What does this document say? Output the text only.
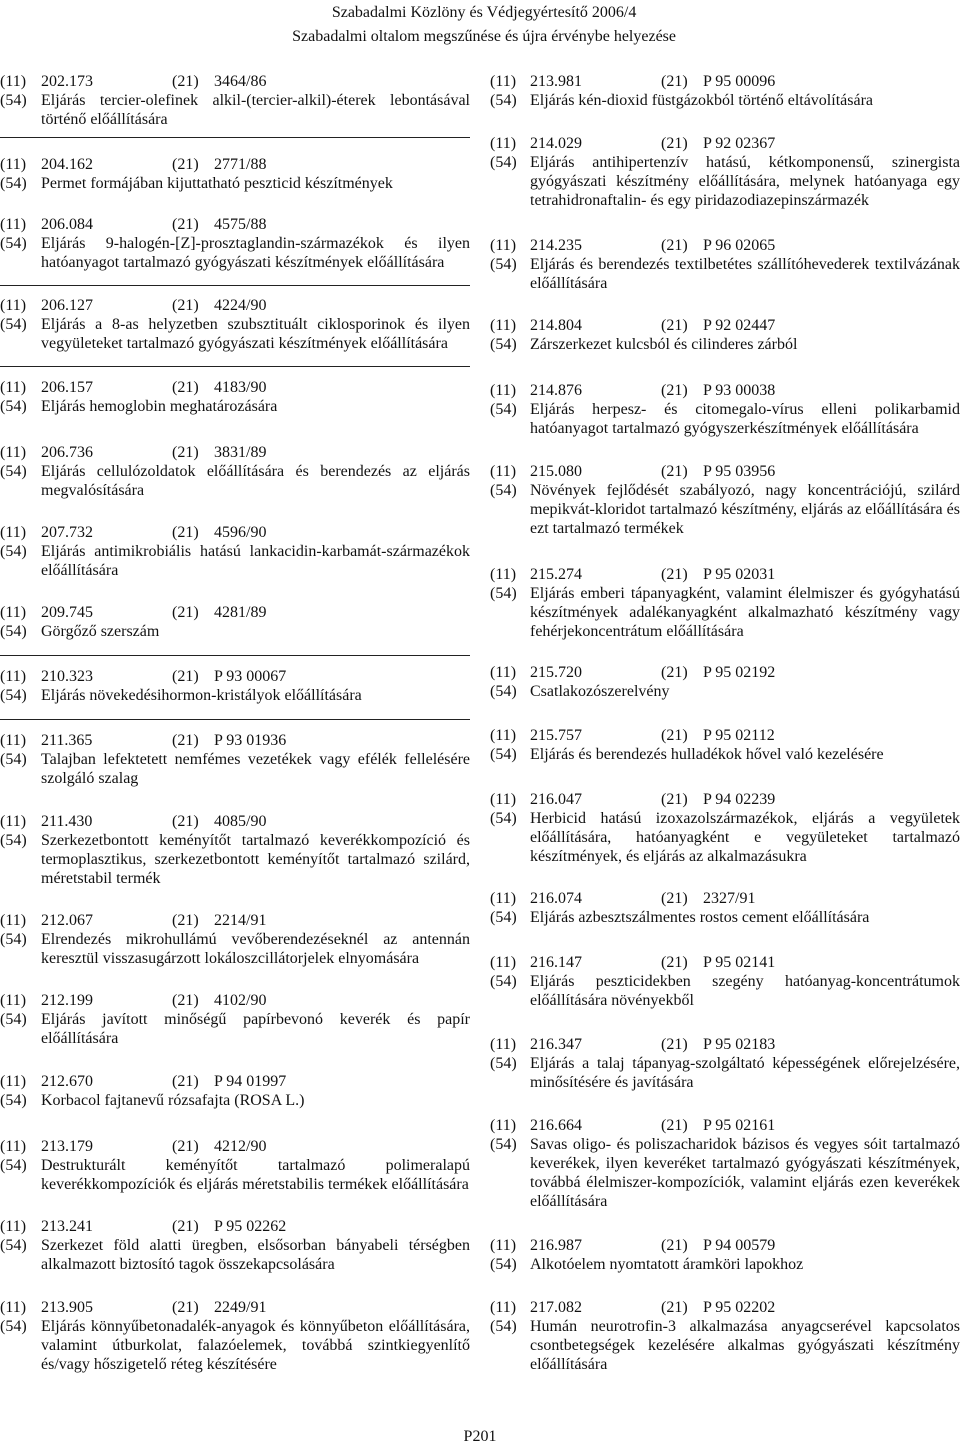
Szabadalmi Közlöny és Védjegyértesítő 2006/4
Szabadalmi oltalom megszűnése és újra érvénybe helyezése
(11) 202.173	(21) 3464/86
(54) Eljárás tercier-olefinek alkil-(tercier-alkil)-éterek lebontásával történő előállítására
(11) 204.162	(21) 2771/88
(54) Permet formájában kijuttatható peszticid készítmények
(11) 206.084	(21) 4575/88
(54) Eljárás 9-halogén-[Z]-prosztaglandin-származékok és ilyen hatóanyagot tartalmazó gyógyászati készítmények előállítására
(11) 206.127	(21) 4224/90
(54) Eljárás a 8-as helyzetben szubsztituált ciklosporinok és ilyen vegyületeket tartalmazó gyógyászati készítmények előállítására
(11) 206.157	(21) 4183/90
(54) Eljárás hemoglobin meghatározására
(11) 206.736	(21) 3831/89
(54) Eljárás cellulózoldatok előállítására és berendezés az eljárás megvalósítására
(11) 207.732	(21) 4596/90
(54) Eljárás antimikrobiális hatású lankacidin-karbamát-származékok előállítására
(11) 209.745	(21) 4281/89
(54) Görgőző szerszám
(11) 210.323	(21) P 93 00067
(54) Eljárás növekedésihormon-kristályok előállítására
(11) 211.365	(21) P 93 01936
(54) Talajban lefektetett nemfémes vezetékek vagy efélék fellelésére szolgáló szalag
(11) 211.430	(21) 4085/90
(54) Szerkezetbontott keményítőt tartalmazó keverékkompozíció és termoplasztikus, szerkezetbontott keményítőt tartalmazó szilárd, méretstabil termék
(11) 212.067	(21) 2214/91
(54) Elrendezés mikrohullámú vevőberendezéseknél az antennán keresztül visszasugárzott lokáloszcillátorjelek elnyomására
(11) 212.199	(21) 4102/90
(54) Eljárás javított minőségű papírbevonó keverék és papír előállítására
(11) 212.670	(21) P 94 01997
(54) Korbacol fajtanevű rózsafajta (ROSA L.)
(11) 213.179	(21) 4212/90
(54) Destrukturált keményítőt tartalmazó polimeralapú keverékkompozíciók és eljárás méretstabilis termékek előállítására
(11) 213.241	(21) P 95 02262
(54) Szerkezet föld alatti üregben, elsősorban bányabeli térségben alkalmazott biztosító tagok összekapcsolására
(11) 213.905	(21) 2249/91
(54) Eljárás könnyűbetonadalék-anyagok és könnyűbeton előállítására, valamint útburkolat, falazóelemek, továbbá szintkiegyenlítő és/vagy hőszigetelő réteg készítésére
(11) 213.981	(21) P 95 00096
(54) Eljárás kén-dioxid füstgázokból történő eltávolítására
(11) 214.029	(21) P 92 02367
(54) Eljárás antihipertenzív hatású, kétkomponensű, szinergista gyógyászati készítmény előállítására, melynek hatóanyaga egy tetrahidronaftalin- és egy piridazodiazepinszármazék
(11) 214.235	(21) P 96 02065
(54) Eljárás és berendezés textilbetétes szállítóhevederek textilvázának előállítására
(11) 214.804	(21) P 92 02447
(54) Zárszerkezet kulcsból és cilinderes zárból
(11) 214.876	(21) P 93 00038
(54) Eljárás herpesz- és citomegalo-vírus elleni polikarbamid hatóanyagot tartalmazó gyógyszerkészítmények előállítására
(11) 215.080	(21) P 95 03956
(54) Növények fejlődését szabályozó, nagy koncentrációjú, szilárd mepikvát-kloridot tartalmazó készítmény, eljárás az előállítására és ezt tartalmazó termékek
(11) 215.274	(21) P 95 02031
(54) Eljárás emberi tápanyagként, valamint élelmiszer és gyógyhatású készítmények adalékanyagként alkalmazható készítmény vagy fehérjekoncentrátum előállítására
(11) 215.720	(21) P 95 02192
(54) Csatlakozószerelvény
(11) 215.757	(21) P 95 02112
(54) Eljárás és berendezés hulladékok hővel való kezelésére
(11) 216.047	(21) P 94 02239
(54) Herbicid hatású izoxazolszármazékok, eljárás a vegyületek előállítására, hatóanyagként e vegyületeket tartalmazó készítmények, és eljárás az alkalmazásukra
(11) 216.074	(21) 2327/91
(54) Eljárás azbesztszálmentes rostos cement előállítására
(11) 216.147	(21) P 95 02141
(54) Eljárás peszticidekben szegény hatóanyag-koncentrátumok előállítására növényekből
(11) 216.347	(21) P 95 02183
(54) Eljárás a talaj tápanyag-szolgáltató képességének előrejelzésére, minősítésére és javítására
(11) 216.664	(21) P 95 02161
(54) Savas oligo- és poliszacharidok bázisos és vegyes sóit tartalmazó keverékek, ilyen keveréket tartalmazó gyógyászati készítmények, továbbá élelmiszer-kompozíciók, valamint eljárás ezen keverékek előállítására
(11) 216.987	(21) P 94 00579
(54) Alkotóelem nyomtatott áramköri lapokhoz
(11) 217.082	(21) P 95 02202
(54) Humán neurotrofin-3 alkalmazása anyagcserével kapcsolatos csontbetegségek kezelésére alkalmas gyógyászati készítmény előállítására
P201
